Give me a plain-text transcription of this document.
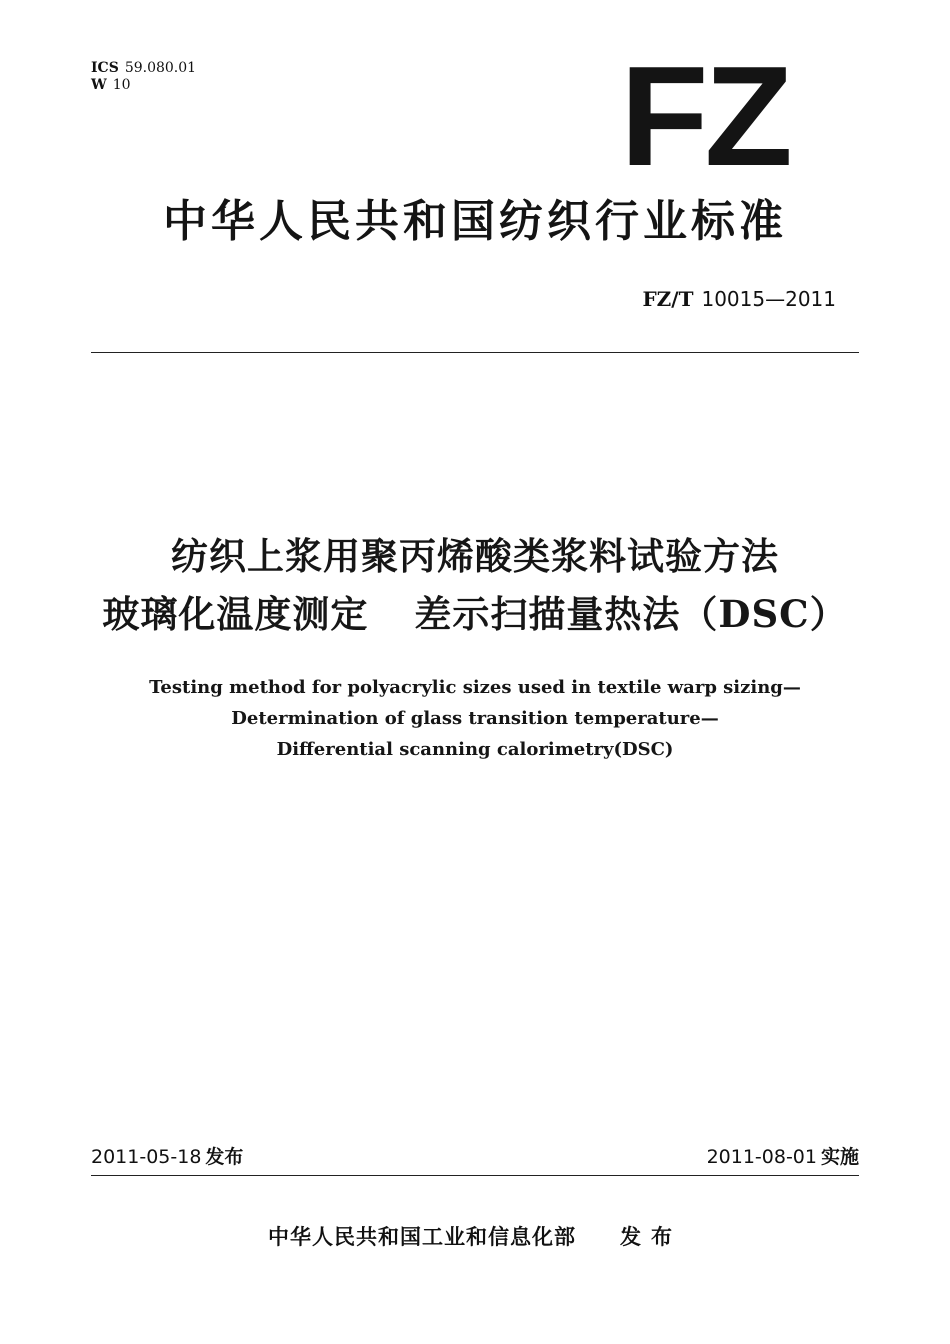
ICS 59.080.01
W 10	FZ
中华人民共和国纺织行业标准
FZ/T 10015—2011
纺织上浆用聚丙烯酸类浆料试验方法
玻璃化温度测定 差示扫描量热法（DSC）
Testing method for polyacrylic sizes used in textile warp sizing—
Determination of glass transition temperature—
Differential scanning calorimetry(DSC)
2011-05-18 发布	2011-08-01 实施
中华人民共和国工业和信息化部 发布
